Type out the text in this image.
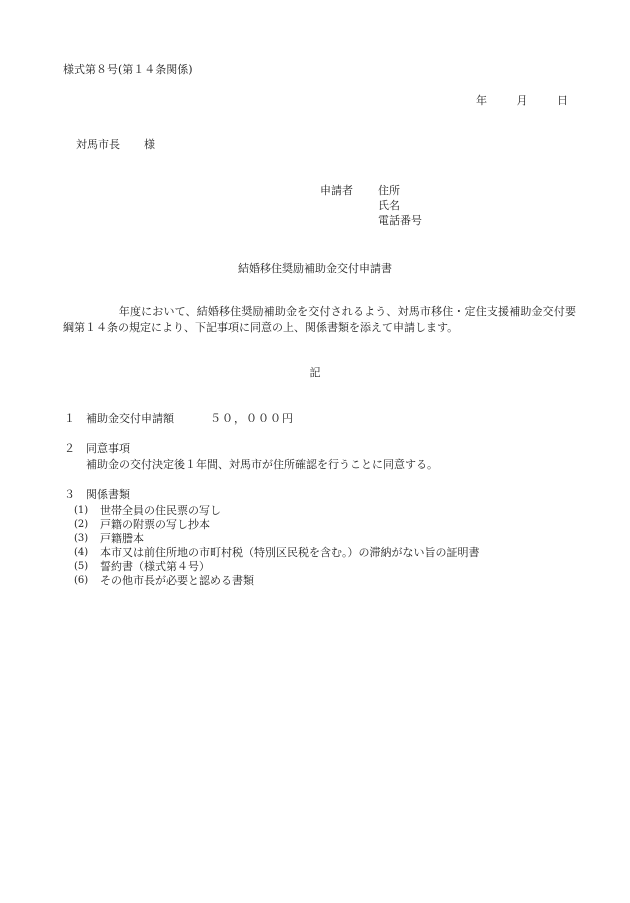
様式第８号(第１４条関係)
年	月	日
対馬市長 様
申請者	住所
氏名
電話番号
結婚移住奨励補助金交付申請書
　　　　　年度において、結婚移住奨励補助金を交付されるよう、対馬市移住・定住支援補助金交付要綱第１４条の規定により、下記事項に同意の上、関係書類を添えて申請します。
記
１ 補助金交付申請額	５０，０００円
２ 同意事項
補助金の交付決定後１年間、対馬市が住所確認を行うことに同意する。
３ 関係書類
(1)	世帯全員の住民票の写し
(2)	戸籍の附票の写し抄本
(3)	戸籍謄本
(4)	本市又は前住所地の市町村税（特別区民税を含む。）の滞納がない旨の証明書
(5)	誓約書（様式第４号）
(6)	その他市長が必要と認める書類
